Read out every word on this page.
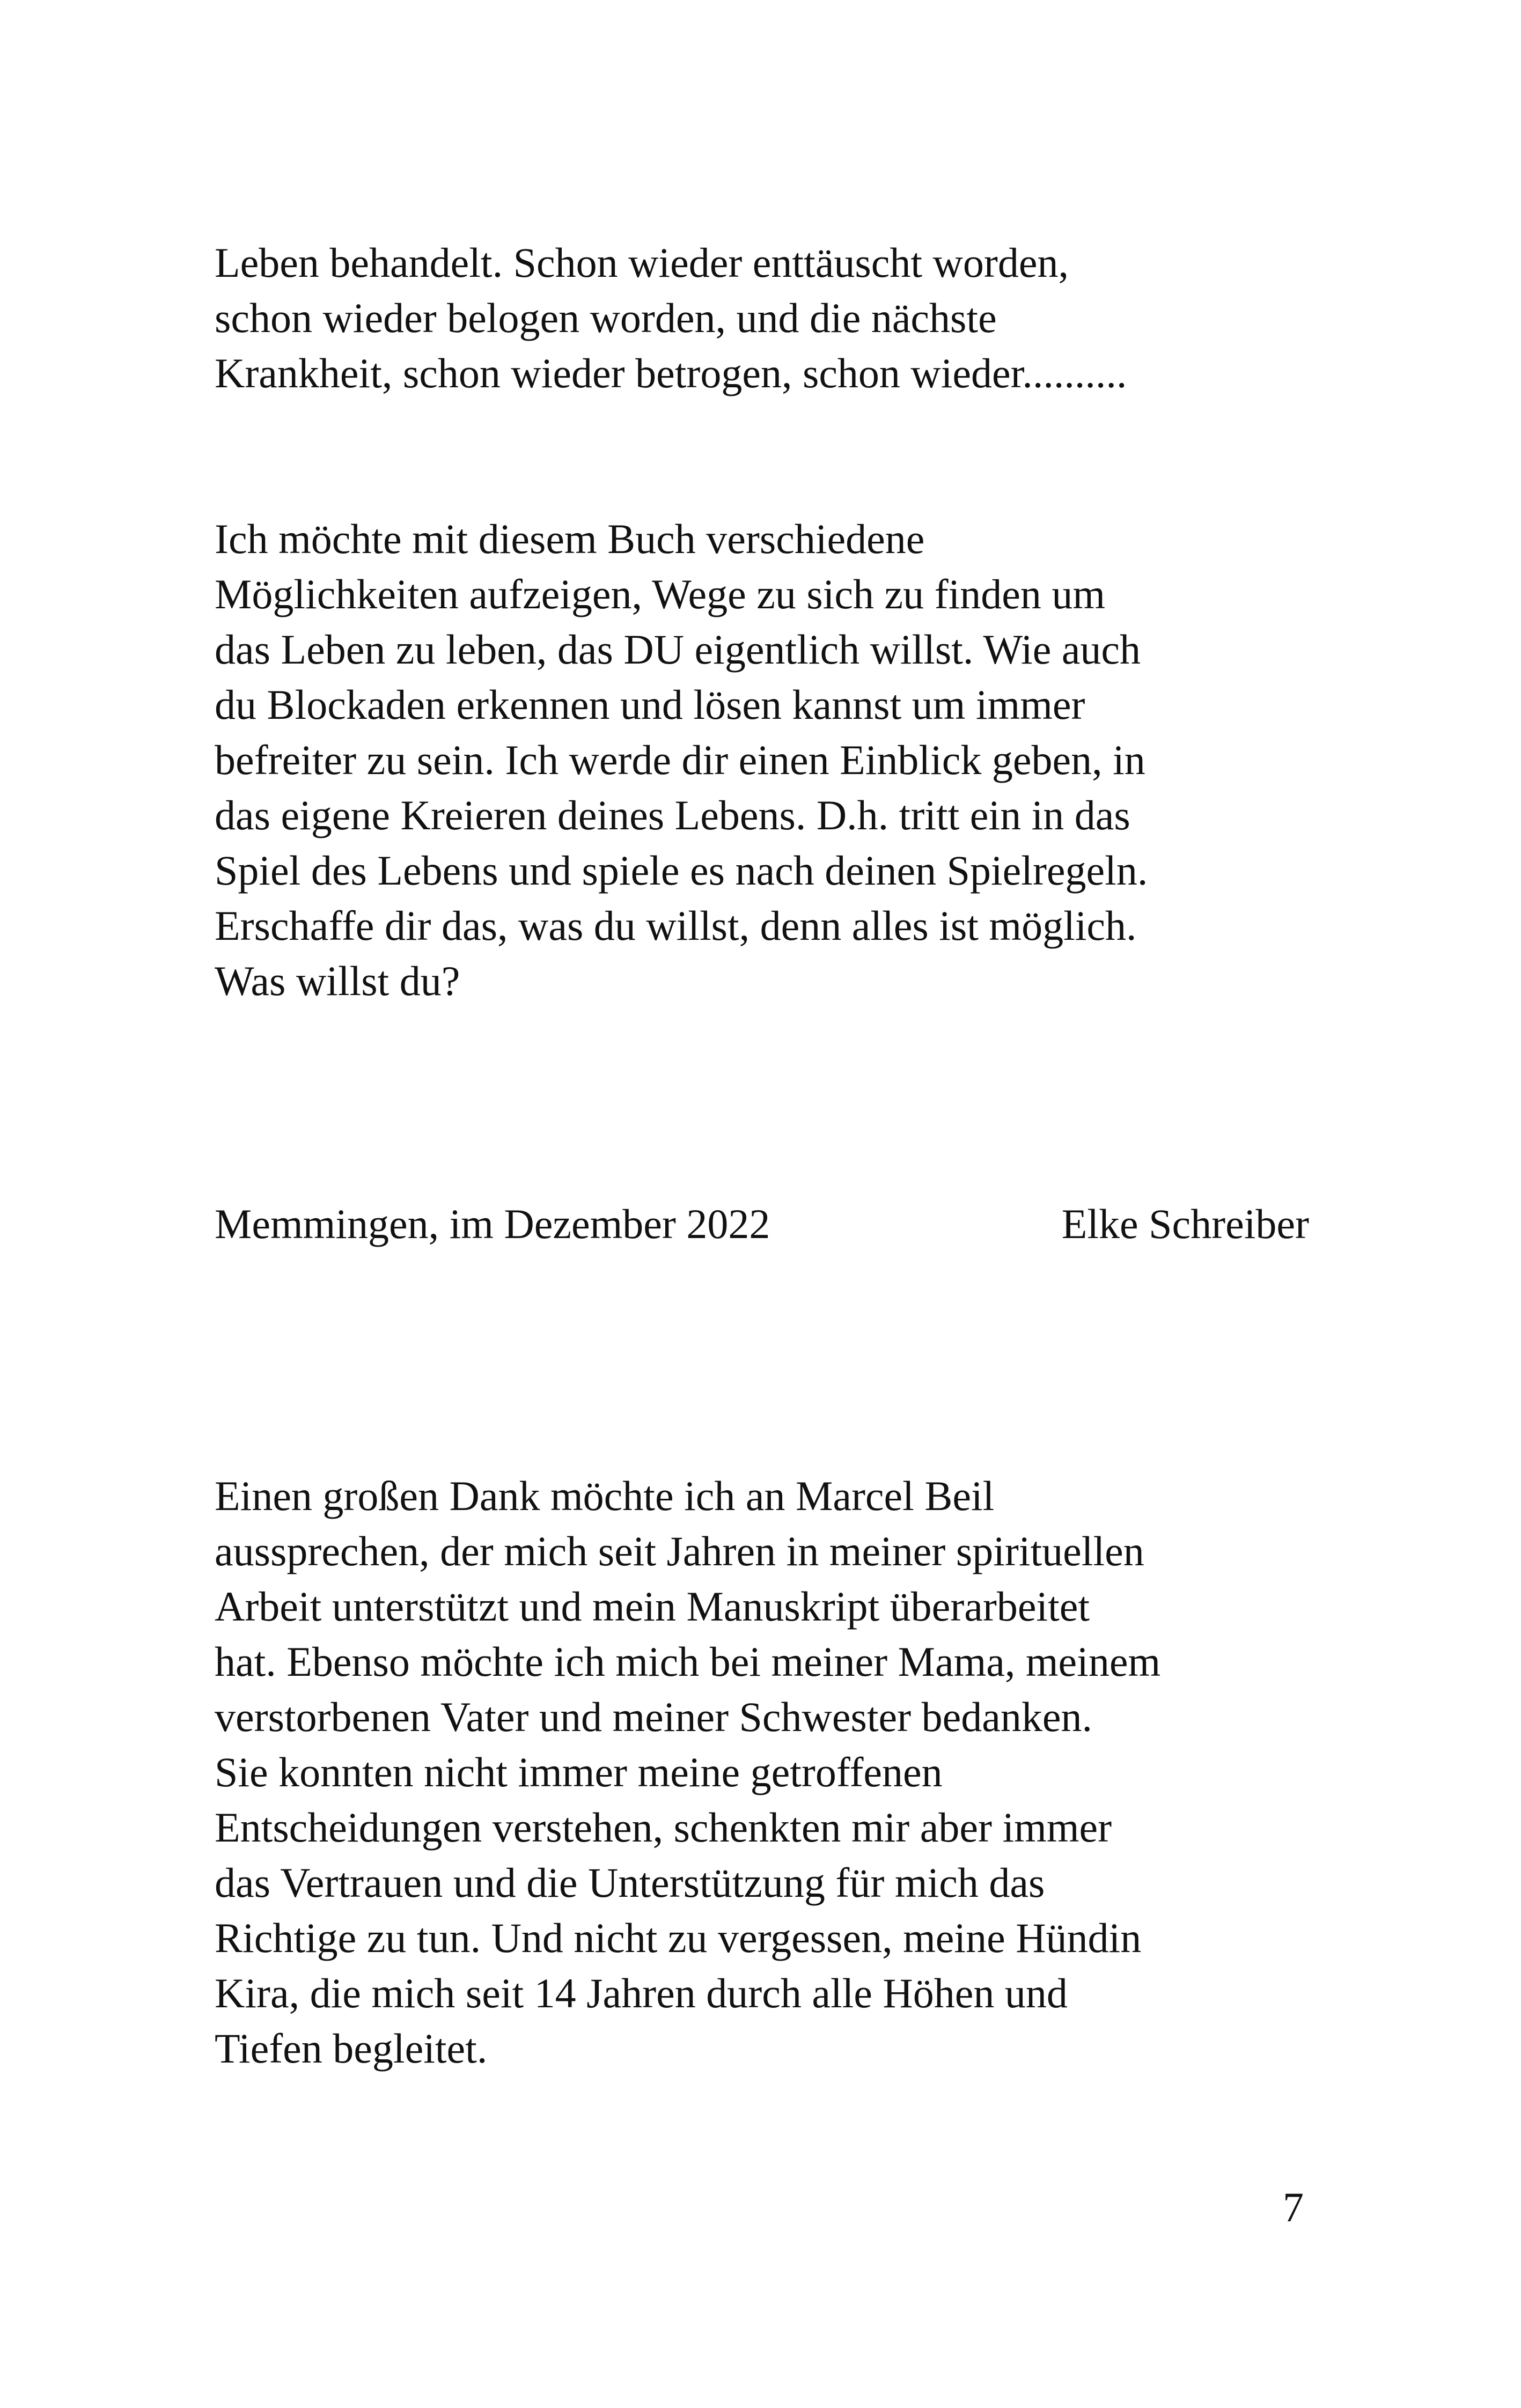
Leben behandelt. Schon wieder enttäuscht worden,
schon wieder belogen worden, und die nächste
Krankheit, schon wieder betrogen, schon wieder..........

Ich möchte mit diesem Buch verschiedene
Möglichkeiten aufzeigen, Wege zu sich zu finden um
das Leben zu leben, das DU eigentlich willst. Wie auch
du Blockaden erkennen und lösen kannst um immer
befreiter zu sein. Ich werde dir einen Einblick geben, in
das eigene Kreieren deines Lebens. D.h. tritt ein in das
Spiel des Lebens und spiele es nach deinen Spielregeln.
Erschaffe dir das, was du willst, denn alles ist möglich.
Was willst du?

Memmingen, im Dezember 2022	Elke Schreiber

Einen großen Dank möchte ich an Marcel Beil
aussprechen, der mich seit Jahren in meiner spirituellen
Arbeit unterstützt und mein Manuskript überarbeitet
hat. Ebenso möchte ich mich bei meiner Mama, meinem
verstorbenen Vater und meiner Schwester bedanken.
Sie konnten nicht immer meine getroffenen
Entscheidungen verstehen, schenkten mir aber immer
das Vertrauen und die Unterstützung für mich das
Richtige zu tun. Und nicht zu vergessen, meine Hündin
Kira, die mich seit 14 Jahren durch alle Höhen und
Tiefen begleitet.

7
